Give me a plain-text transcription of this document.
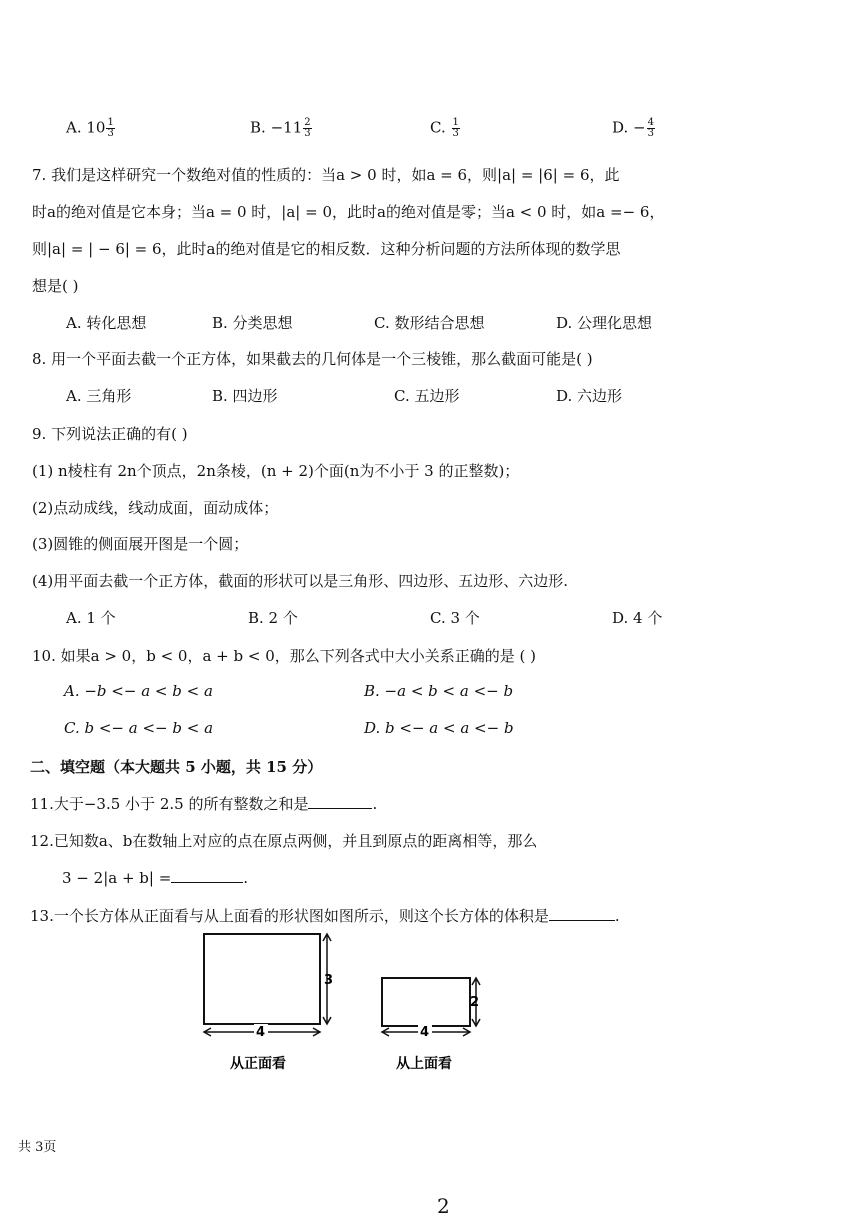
A. $10 \frac{1}{3}$	B. $-11 \frac{2}{3}$	C. $\frac{1}{3}$	D. − $\frac{4}{3}$
7. 我们是这样研究一个数绝对值的性质的：当a > 0 时，如a = 6，则|a| = |6| = 6，此
时a的绝对值是它本身；当a = 0 时，|a| = 0，此时a的绝对值是零；当a < 0 时，如a =− 6，
则|a| = | − 6| = 6，此时a的绝对值是它的相反数．这种分析问题的方法所体现的数学思
想是( )
A. 转化思想	B. 分类思想	C. 数形结合思想	D. 公理化思想
8. 用一个平面去截一个正方体，如果截去的几何体是一个三棱锥，那么截面可能是( )
A. 三角形	B. 四边形	C. 五边形	D. 六边形
9. 下列说法正确的有( )
(1) n棱柱有 2n个顶点，2n条棱，(n + 2)个面(n为不小于 3 的正整数)；
(2)点动成线，线动成面，面动成体；
(3)圆锥的侧面展开图是一个圆；
(4)用平面去截一个正方体，截面的形状可以是三角形、四边形、五边形、六边形.
A. 1 个	B. 2 个	C. 3 个	D. 4 个
10. 如果a > 0，b < 0，a + b < 0，那么下列各式中大小关系正确的是 ( )
A. −b <− a < b < a	B. −a < b < a <− b
C. b <− a <− b < a	D. b <− a < a <− b
二、填空题（本大题共 5 小题，共 15 分）
11.大于−3.5 小于 2.5 的所有整数之和是	.
12.已知数a、b在数轴上对应的点在原点两侧，并且到原点的距离相等，那么
3 − 2|a + b| =	.
13.一个长方体从正面看与从上面看的形状图如图所示，则这个长方体的体积是	.
3
4
从正面看
2
4
从上面看
共 3页
2
